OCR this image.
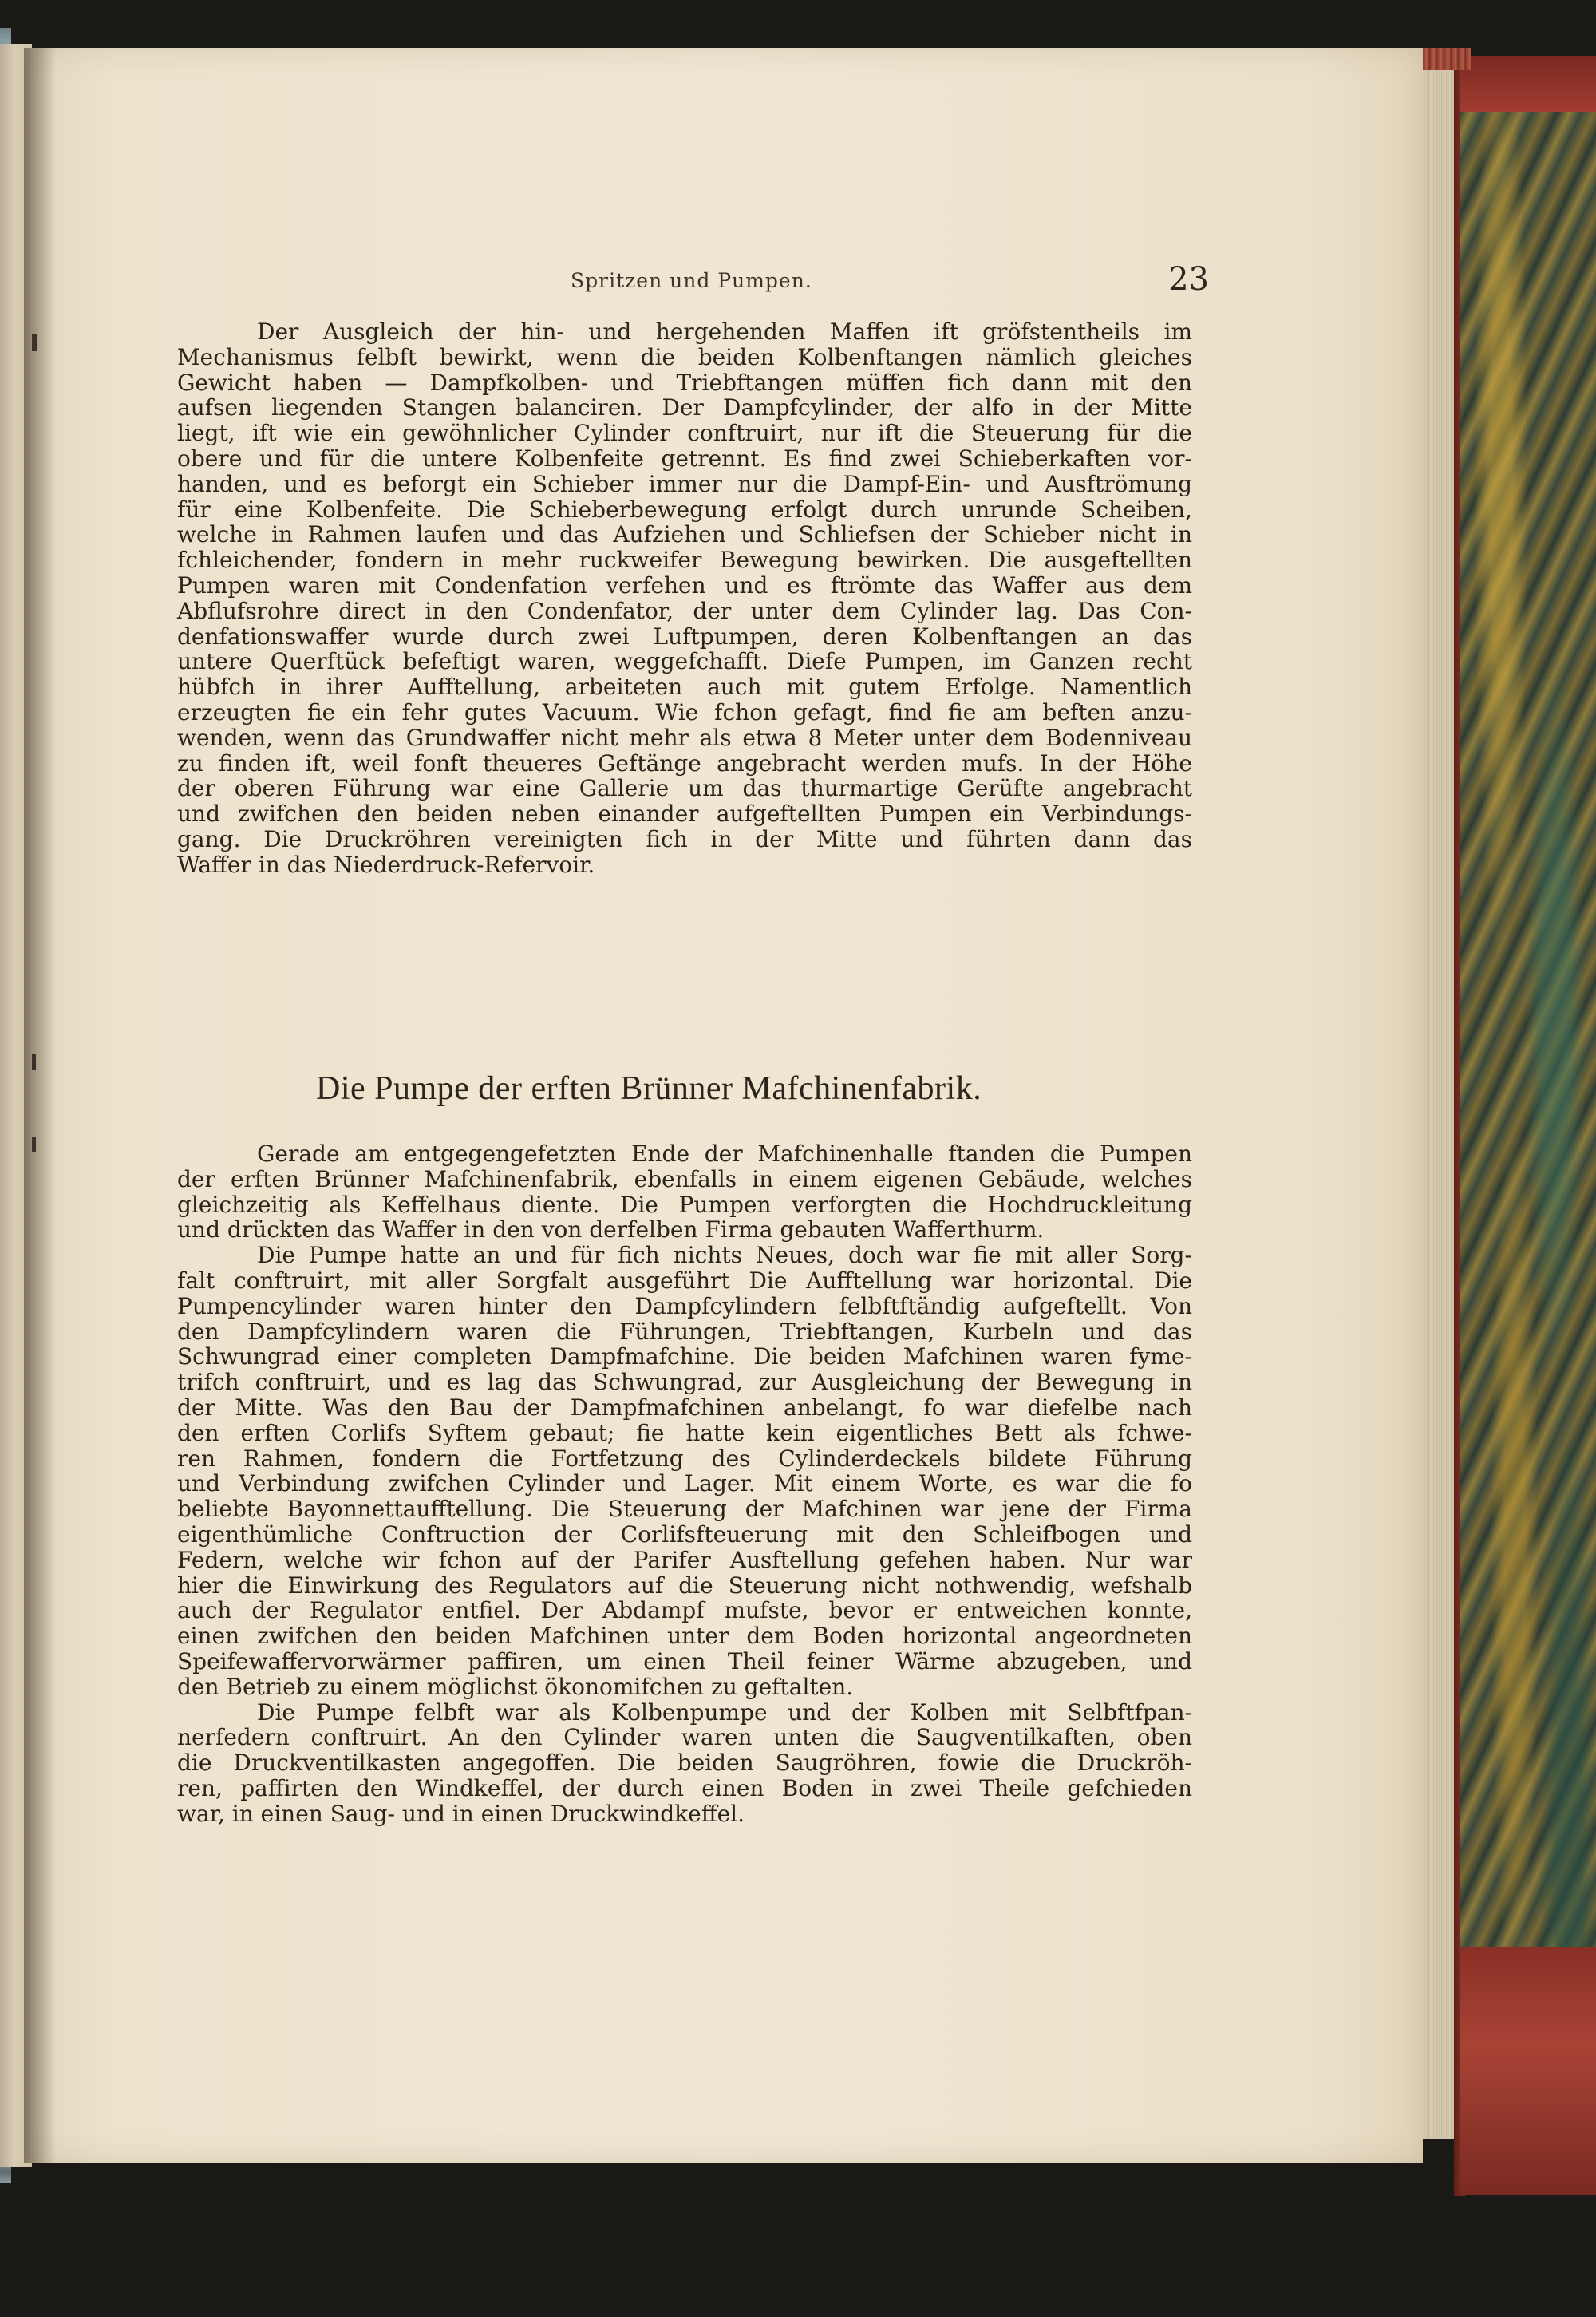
Spritzen und Pumpen.	23
Der Ausgleich der hin- und hergehenden Maffen ift gröfstentheils im
Mechanismus felbft bewirkt, wenn die beiden Kolbenftangen nämlich gleiches
Gewicht haben — Dampfkolben- und Triebftangen müffen fich dann mit den
aufsen liegenden Stangen balanciren. Der Dampfcylinder, der alfo in der Mitte
liegt, ift wie ein gewöhnlicher Cylinder conftruirt, nur ift die Steuerung für die
obere und für die untere Kolbenfeite getrennt. Es find zwei Schieberkaften vor-
handen, und es beforgt ein Schieber immer nur die Dampf-Ein- und Ausftrömung
für eine Kolbenfeite. Die Schieberbewegung erfolgt durch unrunde Scheiben,
welche in Rahmen laufen und das Aufziehen und Schliefsen der Schieber nicht in
fchleichender, fondern in mehr ruckweifer Bewegung bewirken. Die ausgeftellten
Pumpen waren mit Condenfation verfehen und es ftrömte das Waffer aus dem
Abflufsrohre direct in den Condenfator, der unter dem Cylinder lag. Das Con-
denfationswaffer wurde durch zwei Luftpumpen, deren Kolbenftangen an das
untere Querftück befeftigt waren, weggefchafft. Diefe Pumpen, im Ganzen recht
hübfch in ihrer Aufftellung, arbeiteten auch mit gutem Erfolge. Namentlich
erzeugten fie ein fehr gutes Vacuum. Wie fchon gefagt, find fie am beften anzu-
wenden, wenn das Grundwaffer nicht mehr als etwa 8 Meter unter dem Bodenniveau
zu finden ift, weil fonft theueres Geftänge angebracht werden mufs. In der Höhe
der oberen Führung war eine Gallerie um das thurmartige Gerüfte angebracht
und zwifchen den beiden neben einander aufgeftellten Pumpen ein Verbindungs-
gang. Die Druckröhren vereinigten fich in der Mitte und führten dann das
Waffer in das Niederdruck-Refervoir.
Die Pumpe der erften Brünner Mafchinenfabrik.
Gerade am entgegengefetzten Ende der Mafchinenhalle ftanden die Pumpen
der erften Brünner Mafchinenfabrik, ebenfalls in einem eigenen Gebäude, welches
gleichzeitig als Keffelhaus diente. Die Pumpen verforgten die Hochdruckleitung
und drückten das Waffer in den von derfelben Firma gebauten Wafferthurm.
Die Pumpe hatte an und für fich nichts Neues, doch war fie mit aller Sorg-
falt conftruirt, mit aller Sorgfalt ausgeführt Die Aufftellung war horizontal. Die
Pumpencylinder waren hinter den Dampfcylindern felbftftändig aufgeftellt. Von
den Dampfcylindern waren die Führungen, Triebftangen, Kurbeln und das
Schwungrad einer completen Dampfmafchine. Die beiden Mafchinen waren fyme-
trifch conftruirt, und es lag das Schwungrad, zur Ausgleichung der Bewegung in
der Mitte. Was den Bau der Dampfmafchinen anbelangt, fo war diefelbe nach
den erften Corlifs Syftem gebaut; fie hatte kein eigentliches Bett als fchwe-
ren Rahmen, fondern die Fortfetzung des Cylinderdeckels bildete Führung
und Verbindung zwifchen Cylinder und Lager. Mit einem Worte, es war die fo
beliebte Bayonnettaufftellung. Die Steuerung der Mafchinen war jene der Firma
eigenthümliche Conftruction der Corlifsfteuerung mit den Schleifbogen und
Federn, welche wir fchon auf der Parifer Ausftellung gefehen haben. Nur war
hier die Einwirkung des Regulators auf die Steuerung nicht nothwendig, wefshalb
auch der Regulator entfiel. Der Abdampf mufste, bevor er entweichen konnte,
einen zwifchen den beiden Mafchinen unter dem Boden horizontal angeordneten
Speifewaffervorwärmer paffiren, um einen Theil feiner Wärme abzugeben, und
den Betrieb zu einem möglichst ökonomifchen zu geftalten.
Die Pumpe felbft war als Kolbenpumpe und der Kolben mit Selbftfpan-
nerfedern conftruirt. An den Cylinder waren unten die Saugventilkaften, oben
die Druckventilkasten angegoffen. Die beiden Saugröhren, fowie die Druckröh-
ren, paffirten den Windkeffel, der durch einen Boden in zwei Theile gefchieden
war, in einen Saug- und in einen Druckwindkeffel.
